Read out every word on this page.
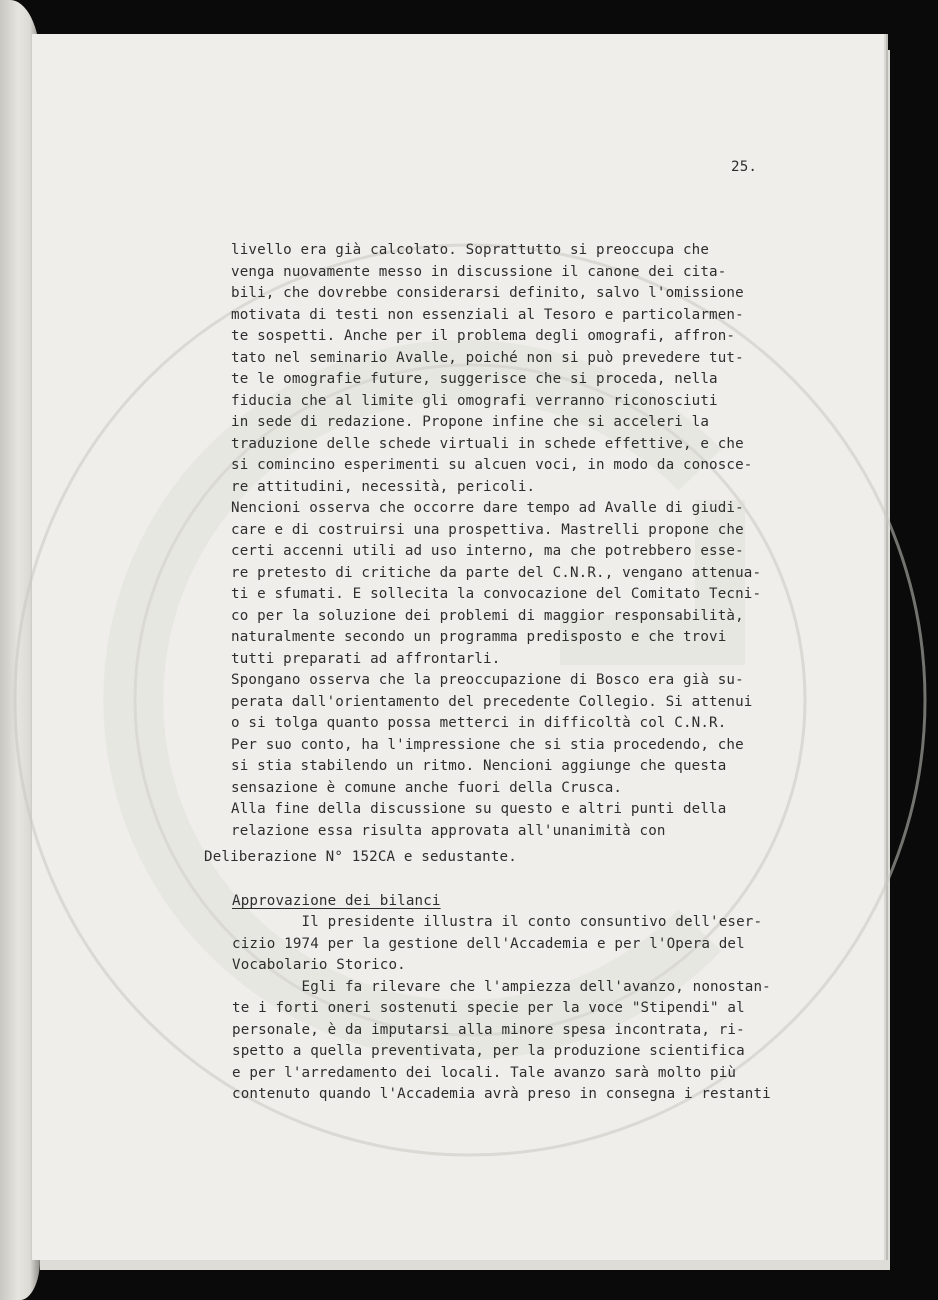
25.
livello era già calcolato. Soprattutto si preoccupa che
venga nuovamente messo in discussione il canone dei cita-
bili, che dovrebbe considerarsi definito, salvo l'omissione
motivata di testi non essenziali al Tesoro e particolarmen-
te sospetti. Anche per il problema degli omografi, affron-
tato nel seminario Avalle, poiché non si può prevedere tut-
te le omografie future, suggerisce che si proceda, nella
fiducia che al limite gli omografi verranno riconosciuti
in sede di redazione. Propone infine che si acceleri la
traduzione delle schede virtuali in schede effettive, e che
si comincino esperimenti su alcuen voci, in modo da conosce-
re attitudini, necessità, pericoli.
Nencioni osserva che occorre dare tempo ad Avalle di giudi-
care e di costruirsi una prospettiva. Mastrelli propone che
certi accenni utili ad uso interno, ma che potrebbero esse-
re pretesto di critiche da parte del C.N.R., vengano attenua-
ti e sfumati. E sollecita la convocazione del Comitato Tecni-
co per la soluzione dei problemi di maggior responsabilità,
naturalmente secondo un programma predisposto e che trovi
tutti preparati ad affrontarli.
Spongano osserva che la preoccupazione di Bosco era già su-
perata dall'orientamento del precedente Collegio. Si attenui
o si tolga quanto possa metterci in difficoltà col C.N.R.
Per suo conto, ha l'impressione che si stia procedendo, che
si stia stabilendo un ritmo. Nencioni aggiunge che questa
sensazione è comune anche fuori della Crusca.
Alla fine della discussione su questo e altri punti della
relazione essa risulta approvata all'unanimità con
Deliberazione N° 152CA e sedustante.
Approvazione dei bilanci
Il presidente illustra il conto consuntivo dell'eser-
cizio 1974 per la gestione dell'Accademia e per l'Opera del
Vocabolario Storico.
Egli fa rilevare che l'ampiezza dell'avanzo, nonostan-
te i forti oneri sostenuti specie per la voce "Stipendi" al
personale, è da imputarsi alla minore spesa incontrata, ri-
spetto a quella preventivata, per la produzione scientifica
e per l'arredamento dei locali. Tale avanzo sarà molto più
contenuto quando l'Accademia avrà preso in consegna i restanti
